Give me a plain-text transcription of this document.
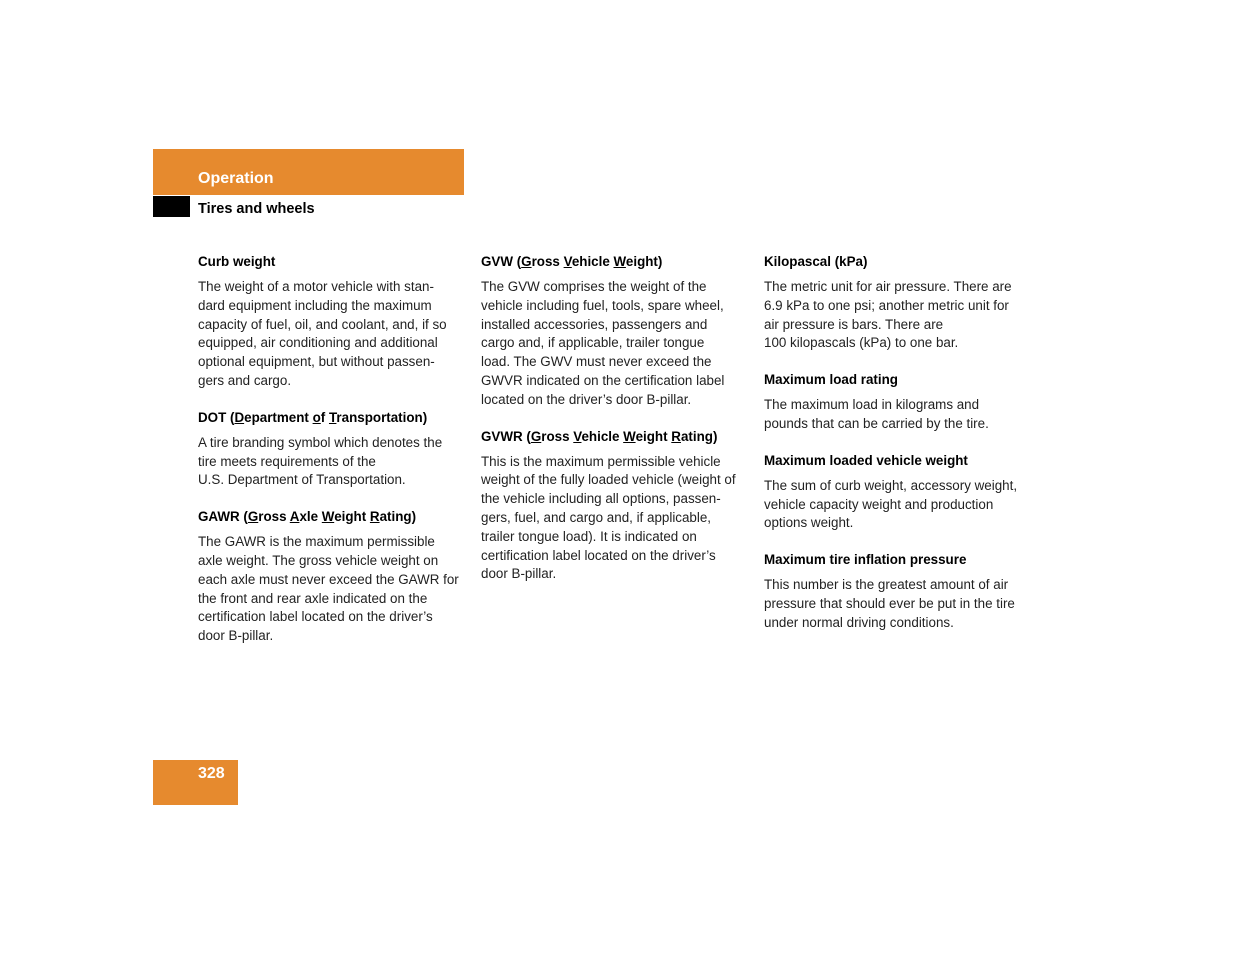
Operation
Tires and wheels
Curb weight
The weight of a motor vehicle with stan-
dard equipment including the maximum
capacity of fuel, oil, and coolant, and, if so
equipped, air conditioning and additional
optional equipment, but without passen-
gers and cargo.
DOT (Department of Transportation)
A tire branding symbol which denotes the
tire meets requirements of the
U.S. Department of Transportation.
GAWR (Gross Axle Weight Rating)
The GAWR is the maximum permissible
axle weight. The gross vehicle weight on
each axle must never exceed the GAWR for
the front and rear axle indicated on the
certification label located on the driver’s
door B-pillar.
GVW (Gross Vehicle Weight)
The GVW comprises the weight of the
vehicle including fuel, tools, spare wheel,
installed accessories, passengers and
cargo and, if applicable, trailer tongue
load. The GWV must never exceed the
GWVR indicated on the certification label
located on the driver’s door B-pillar.
GVWR (Gross Vehicle Weight Rating)
This is the maximum permissible vehicle
weight of the fully loaded vehicle (weight of
the vehicle including all options, passen-
gers, fuel, and cargo and, if applicable,
trailer tongue load). It is indicated on
certification label located on the driver’s
door B-pillar.
Kilopascal (kPa)
The metric unit for air pressure. There are
6.9 kPa to one psi; another metric unit for
air pressure is bars. There are
100 kilopascals (kPa) to one bar.
Maximum load rating
The maximum load in kilograms and
pounds that can be carried by the tire.
Maximum loaded vehicle weight
The sum of curb weight, accessory weight,
vehicle capacity weight and production
options weight.
Maximum tire inflation pressure
This number is the greatest amount of air
pressure that should ever be put in the tire
under normal driving conditions.
328
